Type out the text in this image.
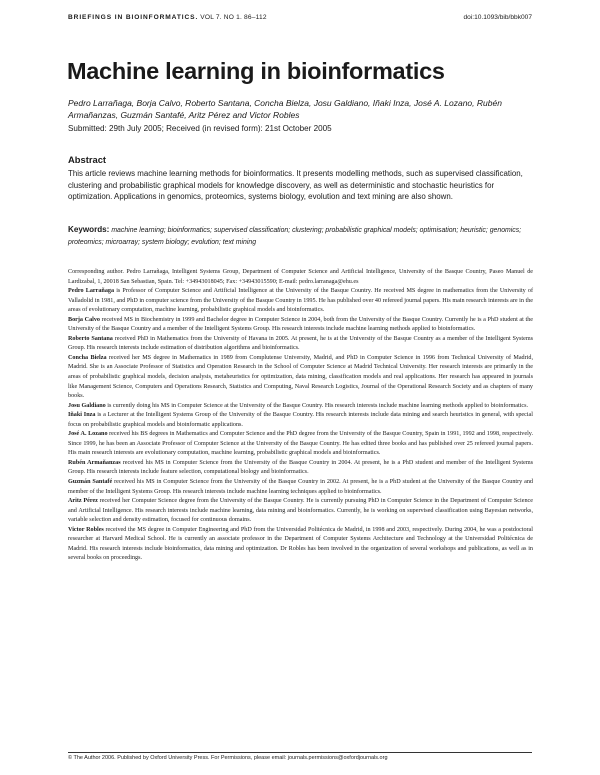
BRIEFINGS IN BIOINFORMATICS. VOL 7. NO 1. 86–112	doi:10.1093/bib/bbk007
Machine learning in bioinformatics

Pedro Larrañaga, Borja Calvo, Roberto Santana, Concha Bielza, Josu Galdiano, Iñaki Inza, José A. Lozano, Rubén Armañanzas, Guzmán Santafé, Aritz Pérez and Victor Robles

Submitted: 29th July 2005; Received (in revised form): 21st October 2005

Abstract

This article reviews machine learning methods for bioinformatics. It presents modelling methods, such as supervised classification, clustering and probabilistic graphical models for knowledge discovery, as well as deterministic and stochastic heuristics for optimization. Applications in genomics, proteomics, systems biology, evolution and text mining are also shown.

Keywords: machine learning; bioinformatics; supervised classification; clustering; probabilistic graphical models; optimisation; heuristic; genomics; proteomics; microarray; system biology; evolution; text mining

Corresponding author. Pedro Larrañaga, Intelligent Systems Group, Department of Computer Science and Artificial Intelligence, University of the Basque Country, Paseo Manuel de Lardizabal, 1, 20018 San Sebastian, Spain. Tel: +34943018045; Fax: +34943015590; E-mail: pedro.larranaga@ehu.es

Pedro Larrañaga is Professor of Computer Science and Artificial Intelligence at the University of the Basque Country. He received MS degree in mathematics from the University of Valladolid in 1981, and PhD in computer science from the University of the Basque Country in 1995. He has published over 40 refereed journal papers. His main research interests are in the areas of evolutionary computation, machine learning, probabilistic graphical models and bioinformatics.

Borja Calvo received MS in Biochemistry in 1999 and Bachelor degree in Computer Science in 2004, both from the University of the Basque Country. Currently he is a PhD student at the University of the Basque Country and a member of the Intelligent Systems Group. His research interests include machine learning methods applied to bioinformatics.

Roberto Santana received PhD in Mathematics from the University of Havana in 2005. At present, he is at the University of the Basque Country as a member of the Intelligent Systems Group. His research interests include estimation of distribution algorithms and bioinformatics.

Concha Bielza received her MS degree in Mathematics in 1989 from Complutense University, Madrid, and PhD in Computer Science in 1996 from Technical University of Madrid, Madrid. She is an Associate Professor of Statistics and Operation Research in the School of Computer Science at Madrid Technical University. Her research interests are primarily in the areas of probabilistic graphical models, decision analysis, metaheuristics for optimization, data mining, classification models and real applications. Her research has appeared in journals like Management Science, Computers and Operations Research, Statistics and Computing, Naval Research Logistics, Journal of the Operational Research Society and as chapters of many books.

Josu Galdiano is currently doing his MS in Computer Science at the University of the Basque Country. His research interests include machine learning methods applied to bioinformatics.

Iñaki Inza is a Lecturer at the Intelligent Systems Group of the University of the Basque Country. His research interests include data mining and search heuristics in general, with special focus on probabilistic graphical models and bioinformatic applications.

José A. Lozano received his BS degrees in Mathematics and Computer Science and the PhD degree from the University of the Basque Country, Spain in 1991, 1992 and 1998, respectively. Since 1999, he has been an Associate Professor of Computer Science at the University of the Basque Country. He has edited three books and has published over 25 refereed journal papers. His main research interests are evolutionary computation, machine learning, probabilistic graphical models and bioinformatics.

Rubén Armañanzas received his MS in Computer Science from the University of the Basque Country in 2004. At present, he is a PhD student and member of the Intelligent Systems Group. His research interests include feature selection, computational biology and bioinformatics.

Guzmán Santafé received his MS in Computer Science from the University of the Basque Country in 2002. At present, he is a PhD student at the University of the Basque Country and member of the Intelligent Systems Group. His research interests include machine learning techniques applied to bioinformatics.

Aritz Pérez received her Computer Science degree from the University of the Basque Country. He is currently pursuing PhD in Computer Science in the Department of Computer Science and Artificial Intelligence. His research interests include machine learning, data mining and bioinformatics. Currently, he is working on supervised classification using Bayesian networks, variable selection and density estimation, focused for continuous domains.

Victor Robles received the MS degree in Computer Engineering and PhD from the Universidad Politécnica de Madrid, in 1998 and 2003, respectively. During 2004, he was a postdoctoral researcher at Harvard Medical School. He is currently an associate professor in the Department of Computer Systems Architecture and Technology at the Universidad Politécnica de Madrid. His research interests include bioinformatics, data mining and optimization. Dr Robles has been involved in the organization of several workshops and publications, as well as in several books on proceedings.

© The Author 2006. Published by Oxford University Press. For Permissions, please email: journals.permissions@oxfordjournals.org
